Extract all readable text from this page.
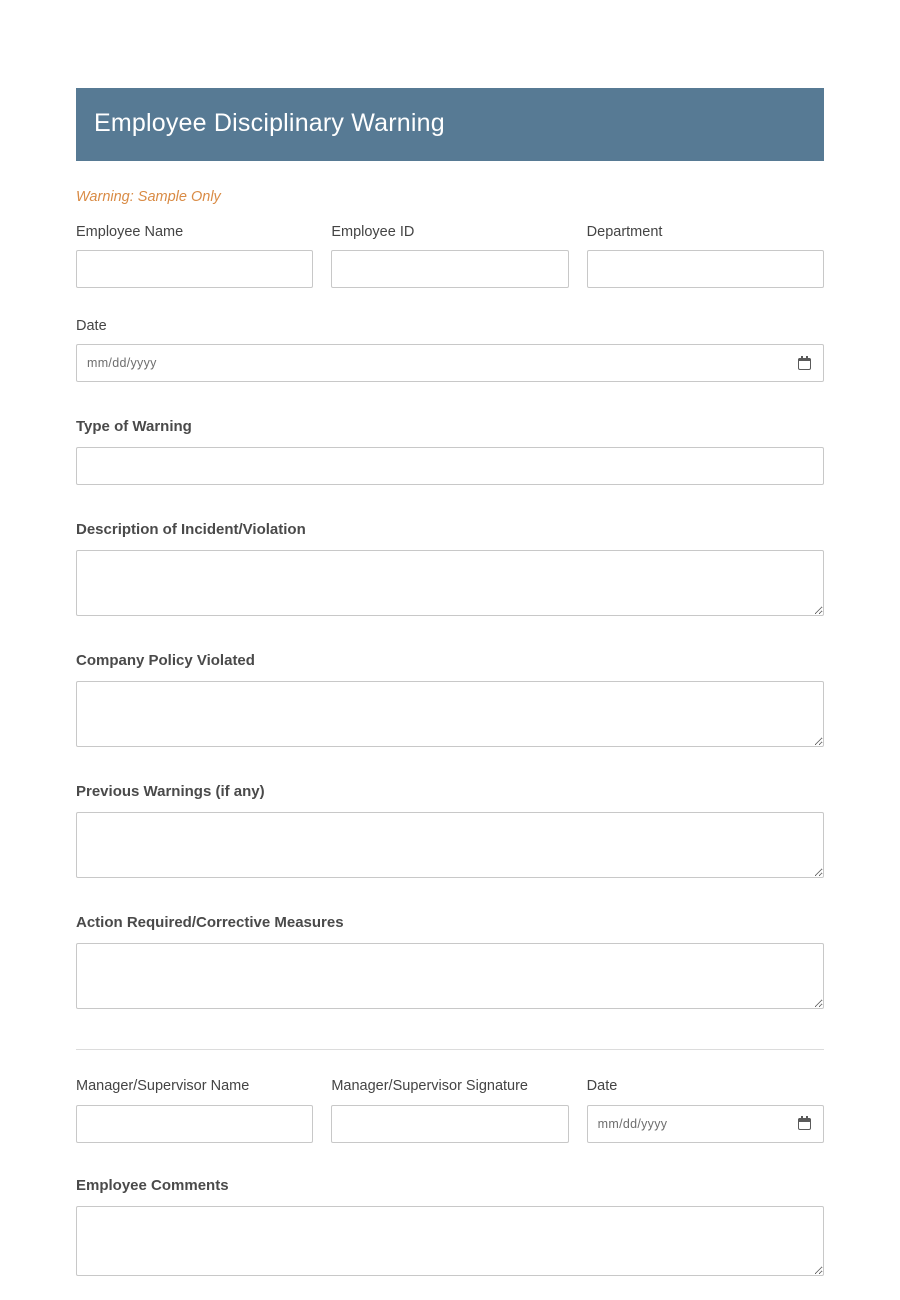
Employee Disciplinary Warning
Warning: Sample Only
Employee Name	Employee ID	Department
Date
mm/dd/yyyy
Type of Warning
Description of Incident/Violation
Company Policy Violated
Previous Warnings (if any)
Action Required/Corrective Measures
Manager/Supervisor Name	Manager/Supervisor Signature	Date
mm/dd/yyyy
Employee Comments
